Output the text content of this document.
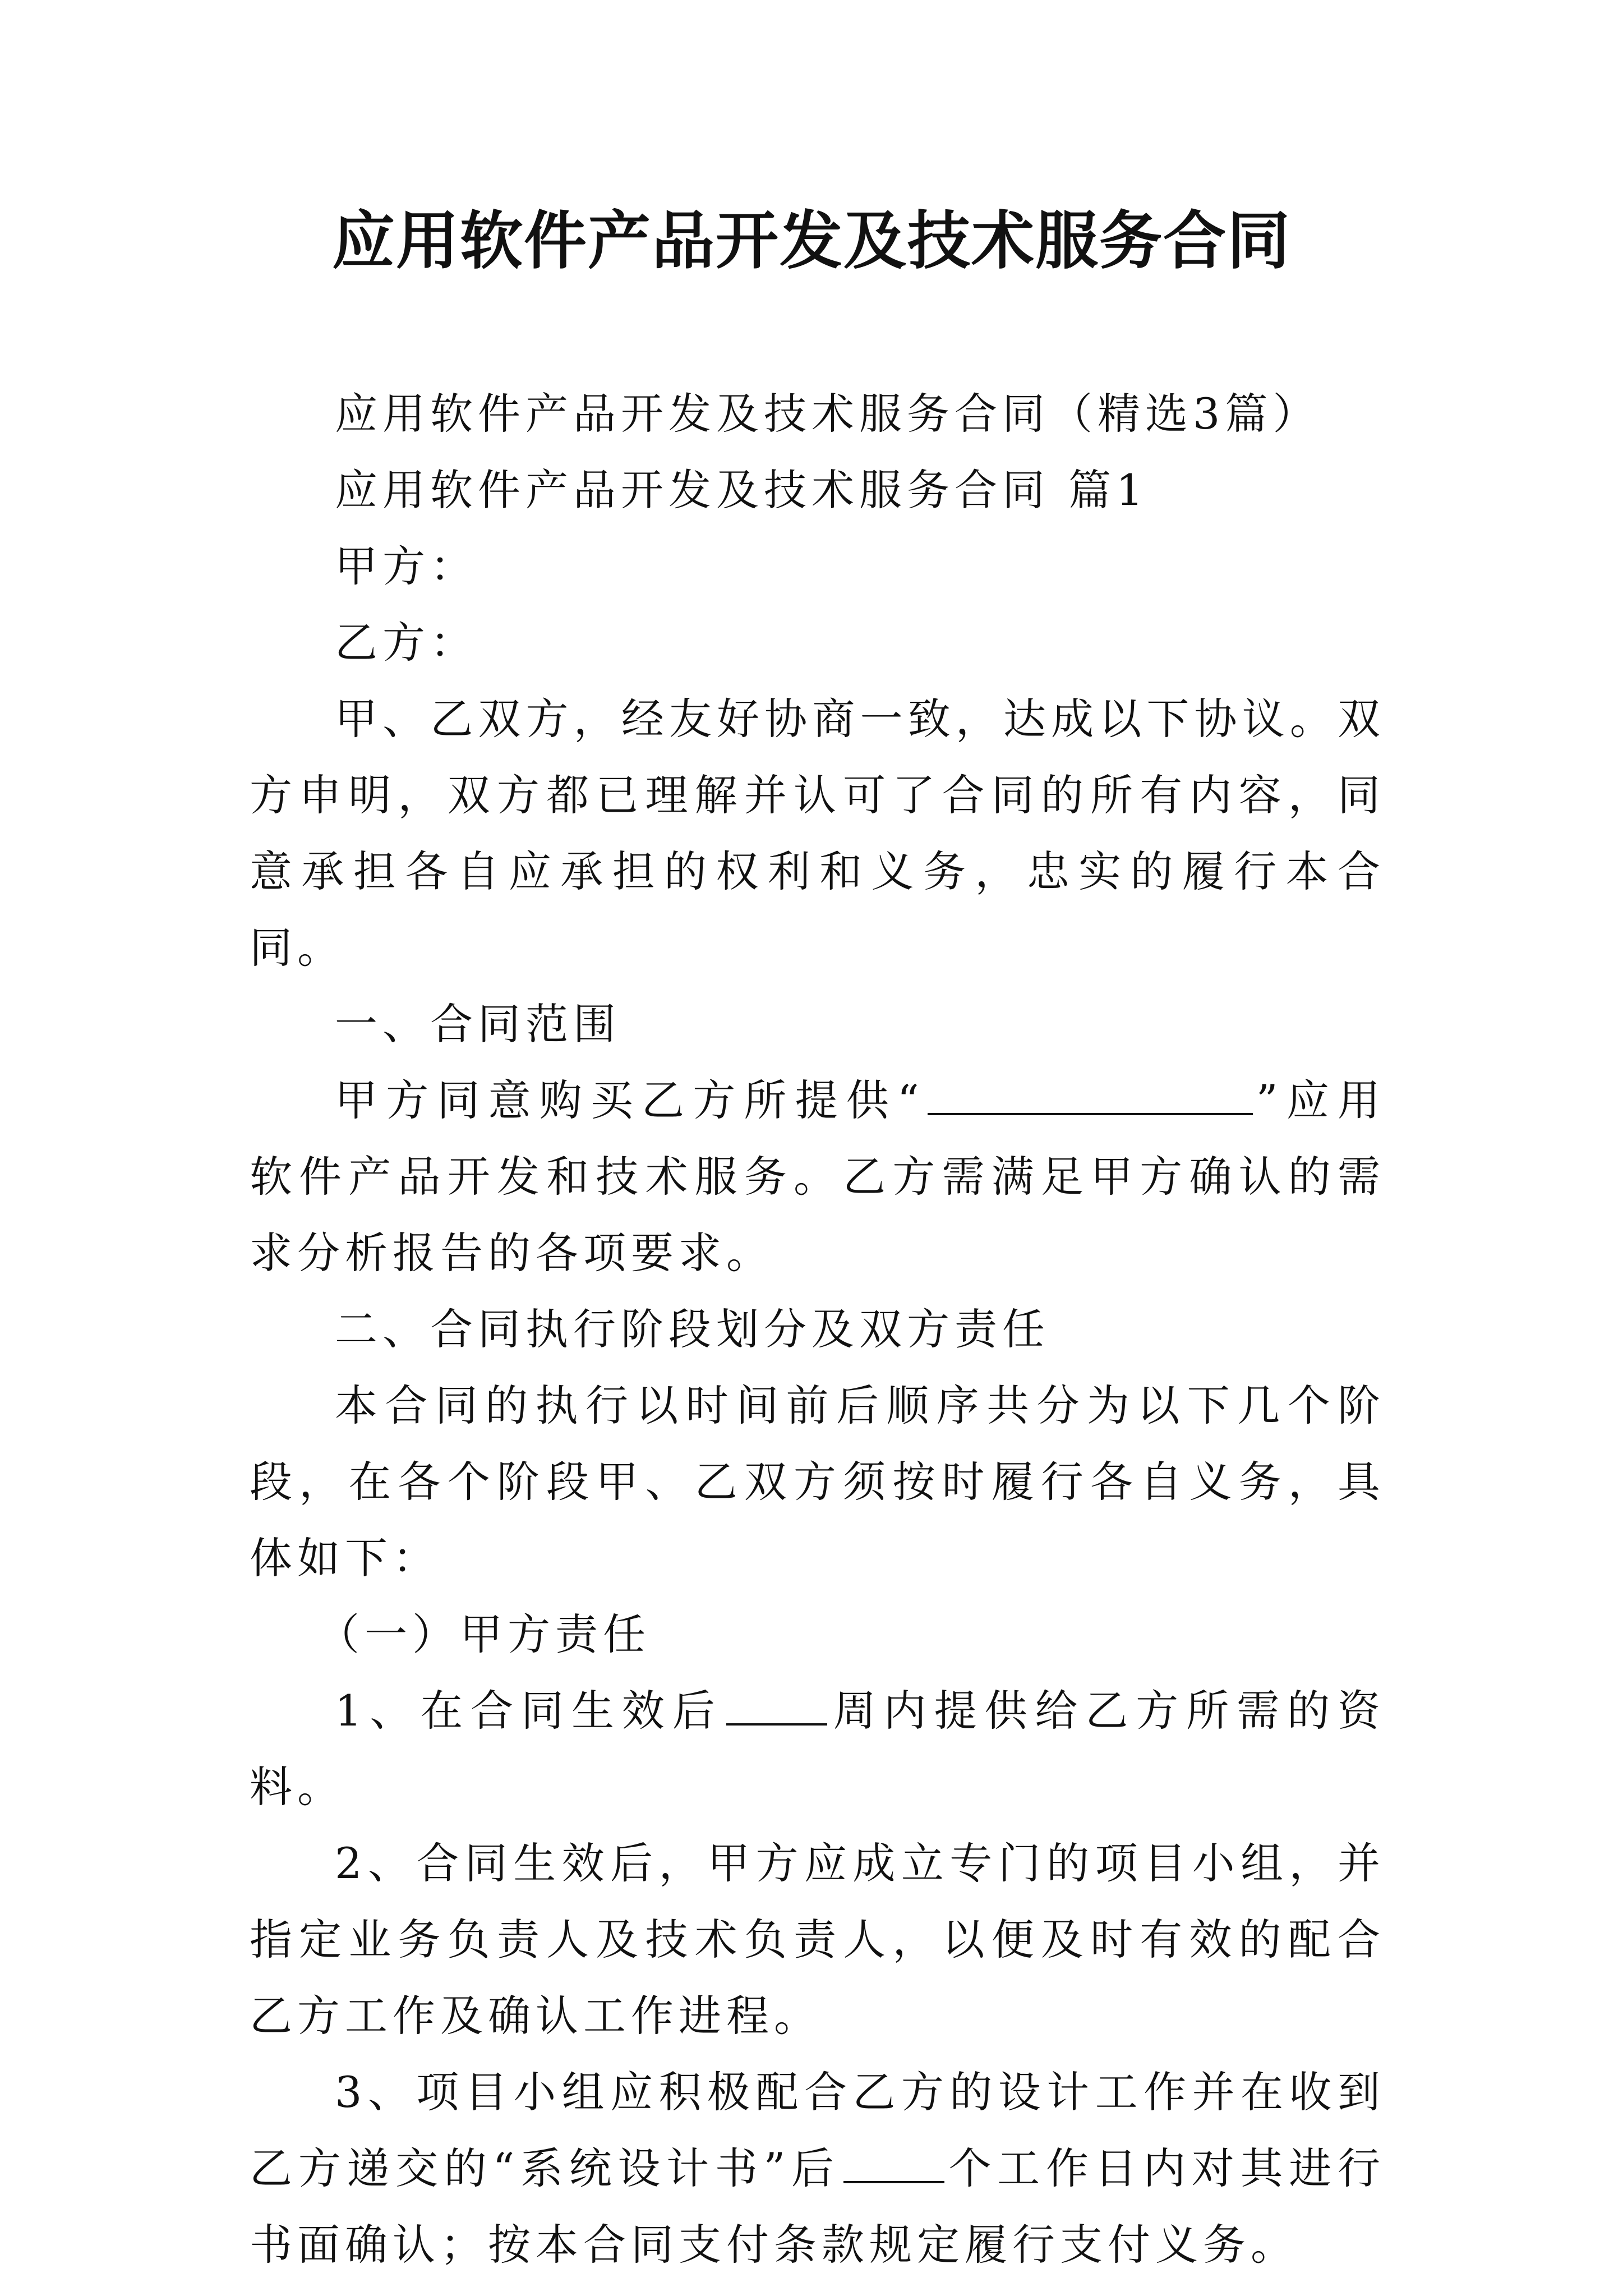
应用软件产品开发及技术服务合同

应用软件产品开发及技术服务合同（精选3篇）

应用软件产品开发及技术服务合同 篇1

甲方：

乙方：

甲、乙双方，经友好协商一致，达成以下协议。双方申明，双方都已理解并认可了合同的所有内容，同意承担各自应承担的权利和义务，忠实的履行本合同。

一、合同范围

甲方同意购买乙方所提供“	”应用软件产品开发和技术服务。乙方需满足甲方确认的需求分析报告的各项要求。

二、合同执行阶段划分及双方责任

本合同的执行以时间前后顺序共分为以下几个阶段，在各个阶段甲、乙双方须按时履行各自义务，具体如下：

（一）甲方责任

1、在合同生效后	周内提供给乙方所需的资料。

2、合同生效后，甲方应成立专门的项目小组，并指定业务负责人及技术负责人，以便及时有效的配合乙方工作及确认工作进程。

3、项目小组应积极配合乙方的设计工作并在收到乙方递交的“系统设计书”后	个工作日内对其进行书面确认；按本合同支付条款规定履行支付义务。
